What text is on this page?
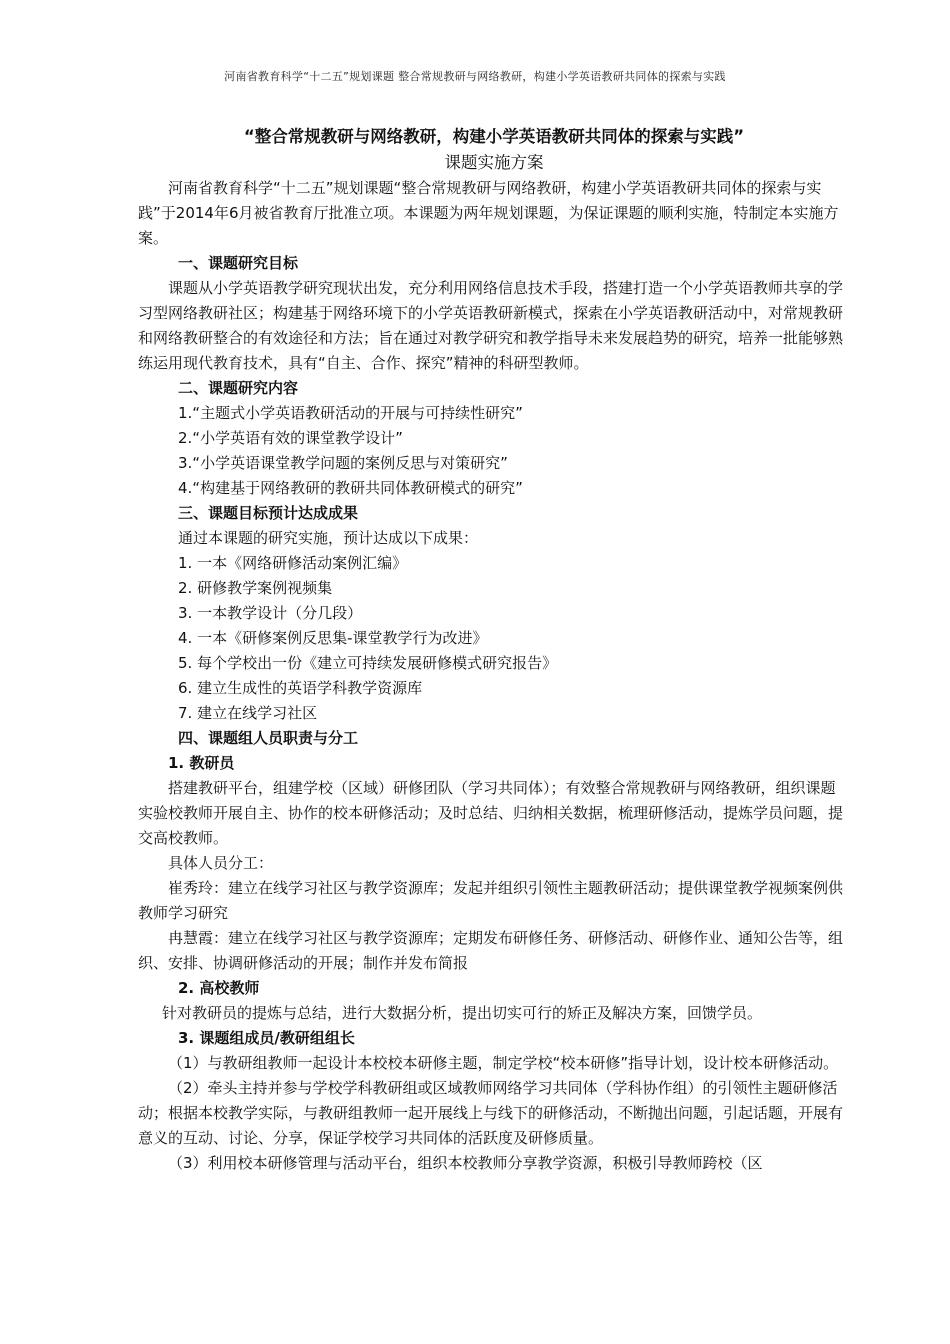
河南省教育科学“十二五”规划课题 整合常规教研与网络教研，构建小学英语教研共同体的探索与实践

“整合常规教研与网络教研，构建小学英语教研共同体的探索与实践”

课题实施方案

河南省教育科学“十二五”规划课题“整合常规教研与网络教研，构建小学英语教研共同体的探索与实践”于2014年6月被省教育厅批准立项。本课题为两年规划课题，为保证课题的顺利实施，特制定本实施方案。

一、课题研究目标

课题从小学英语教学研究现状出发，充分利用网络信息技术手段，搭建打造一个小学英语教师共享的学习型网络教研社区；构建基于网络环境下的小学英语教研新模式，探索在小学英语教研活动中，对常规教研和网络教研整合的有效途径和方法；旨在通过对教学研究和教学指导未来发展趋势的研究，培养一批能够熟练运用现代教育技术，具有“自主、合作、探究”精神的科研型教师。

二、课题研究内容

1.“主题式小学英语教研活动的开展与可持续性研究”

2.“小学英语有效的课堂教学设计”

3.“小学英语课堂教学问题的案例反思与对策研究”

4.“构建基于网络教研的教研共同体教研模式的研究”

三、课题目标预计达成成果

通过本课题的研究实施，预计达成以下成果：

1. 一本《网络研修活动案例汇编》

2. 研修教学案例视频集

3. 一本教学设计（分几段）

4. 一本《研修案例反思集-课堂教学行为改进》

5. 每个学校出一份《建立可持续发展研修模式研究报告》

6. 建立生成性的英语学科教学资源库

7. 建立在线学习社区

四、课题组人员职责与分工

1. 教研员

搭建教研平台，组建学校（区域）研修团队（学习共同体）；有效整合常规教研与网络教研，组织课题实验校教师开展自主、协作的校本研修活动；及时总结、归纳相关数据，梳理研修活动，提炼学员问题，提交高校教师。

具体人员分工：

崔秀玲：建立在线学习社区与教学资源库；发起并组织引领性主题教研活动；提供课堂教学视频案例供教师学习研究

冉慧霞：建立在线学习社区与教学资源库；定期发布研修任务、研修活动、研修作业、通知公告等，组织、安排、协调研修活动的开展；制作并发布简报

2. 高校教师

针对教研员的提炼与总结，进行大数据分析，提出切实可行的矫正及解决方案，回馈学员。

3. 课题组成员/教研组组长

（1）与教研组教师一起设计本校校本研修主题，制定学校“校本研修”指导计划，设计校本研修活动。

（2）牵头主持并参与学校学科教研组或区域教师网络学习共同体（学科协作组）的引领性主题研修活动；根据本校教学实际，与教研组教师一起开展线上与线下的研修活动，不断抛出问题，引起话题，开展有意义的互动、讨论、分享，保证学校学习共同体的活跃度及研修质量。

（3）利用校本研修管理与活动平台，组织本校教师分享教学资源，积极引导教师跨校（区
